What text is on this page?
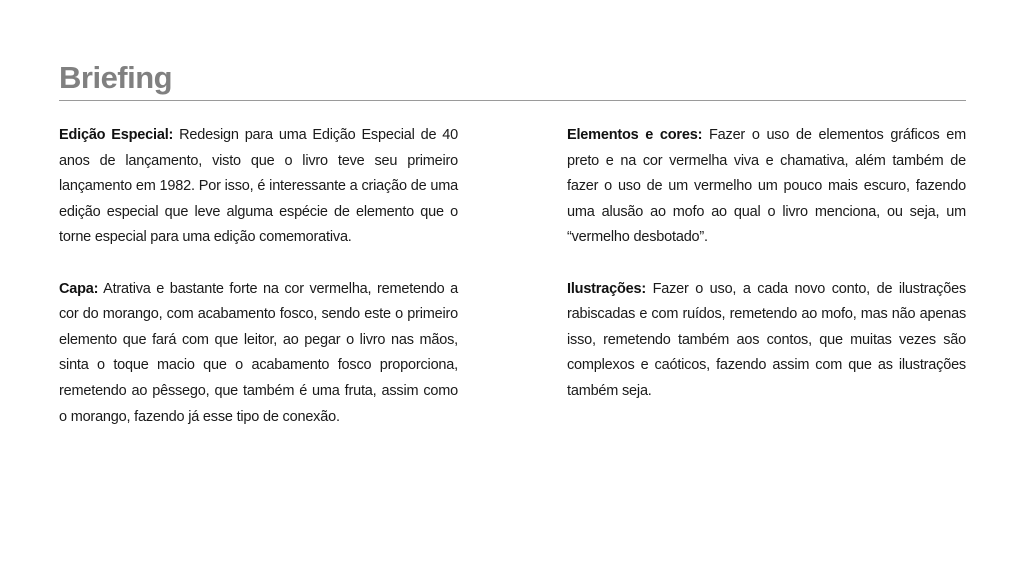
Briefing

Edição Especial: Redesign para uma Edição Especial de 40 anos de lançamento, visto que o livro teve seu primeiro lançamento em 1982. Por isso, é interessante a criação de uma edição especial que leve alguma espécie de elemento que o torne especial para uma edição comemorativa.

Capa: Atrativa e bastante forte na cor vermelha, remetendo a cor do morango, com acabamento fosco, sendo este o primeiro elemento que fará com que leitor, ao pegar o livro nas mãos, sinta o toque macio que o acabamento fosco proporciona, remetendo ao pêssego, que também é uma fruta, assim como o morango, fazendo já esse tipo de conexão.

Elementos e cores: Fazer o uso de elementos gráficos em preto e na cor vermelha viva e chamativa, além também de fazer o uso de um vermelho um pouco mais escuro, fazendo uma alusão ao mofo ao qual o livro menciona, ou seja, um “vermelho desbotado”.

Ilustrações: Fazer o uso, a cada novo conto, de ilustrações rabiscadas e com ruídos, remetendo ao mofo, mas não apenas isso, remetendo também aos contos, que muitas vezes são complexos e caóticos, fazendo assim com que as ilustrações também seja.
